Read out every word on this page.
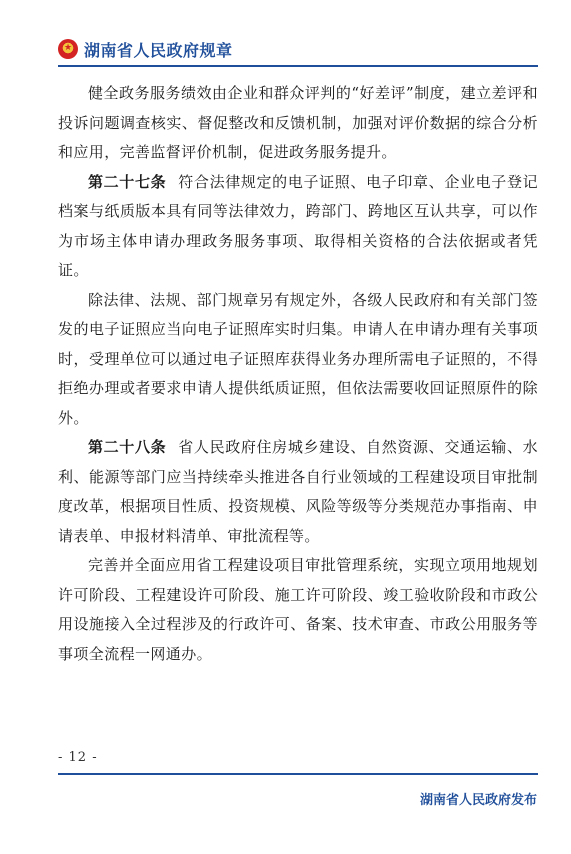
★
湖南省人民政府规章

健全政务服务绩效由企业和群众评判的“好差评”制度，建立差评和投诉问题调查核实、督促整改和反馈机制，加强对评价数据的综合分析和应用，完善监督评价机制，促进政务服务提升。

第二十七条 符合法律规定的电子证照、电子印章、企业电子登记档案与纸质版本具有同等法律效力，跨部门、跨地区互认共享，可以作为市场主体申请办理政务服务事项、取得相关资格的合法依据或者凭证。

除法律、法规、部门规章另有规定外，各级人民政府和有关部门签发的电子证照应当向电子证照库实时归集。申请人在申请办理有关事项时，受理单位可以通过电子证照库获得业务办理所需电子证照的，不得拒绝办理或者要求申请人提供纸质证照，但依法需要收回证照原件的除外。

第二十八条 省人民政府住房城乡建设、自然资源、交通运输、水利、能源等部门应当持续牵头推进各自行业领域的工程建设项目审批制度改革，根据项目性质、投资规模、风险等级等分类规范办事指南、申请表单、申报材料清单、审批流程等。

完善并全面应用省工程建设项目审批管理系统，实现立项用地规划许可阶段、工程建设许可阶段、施工许可阶段、竣工验收阶段和市政公用设施接入全过程涉及的行政许可、备案、技术审查、市政公用服务等事项全流程一网通办。

- 12 -
湖南省人民政府发布
